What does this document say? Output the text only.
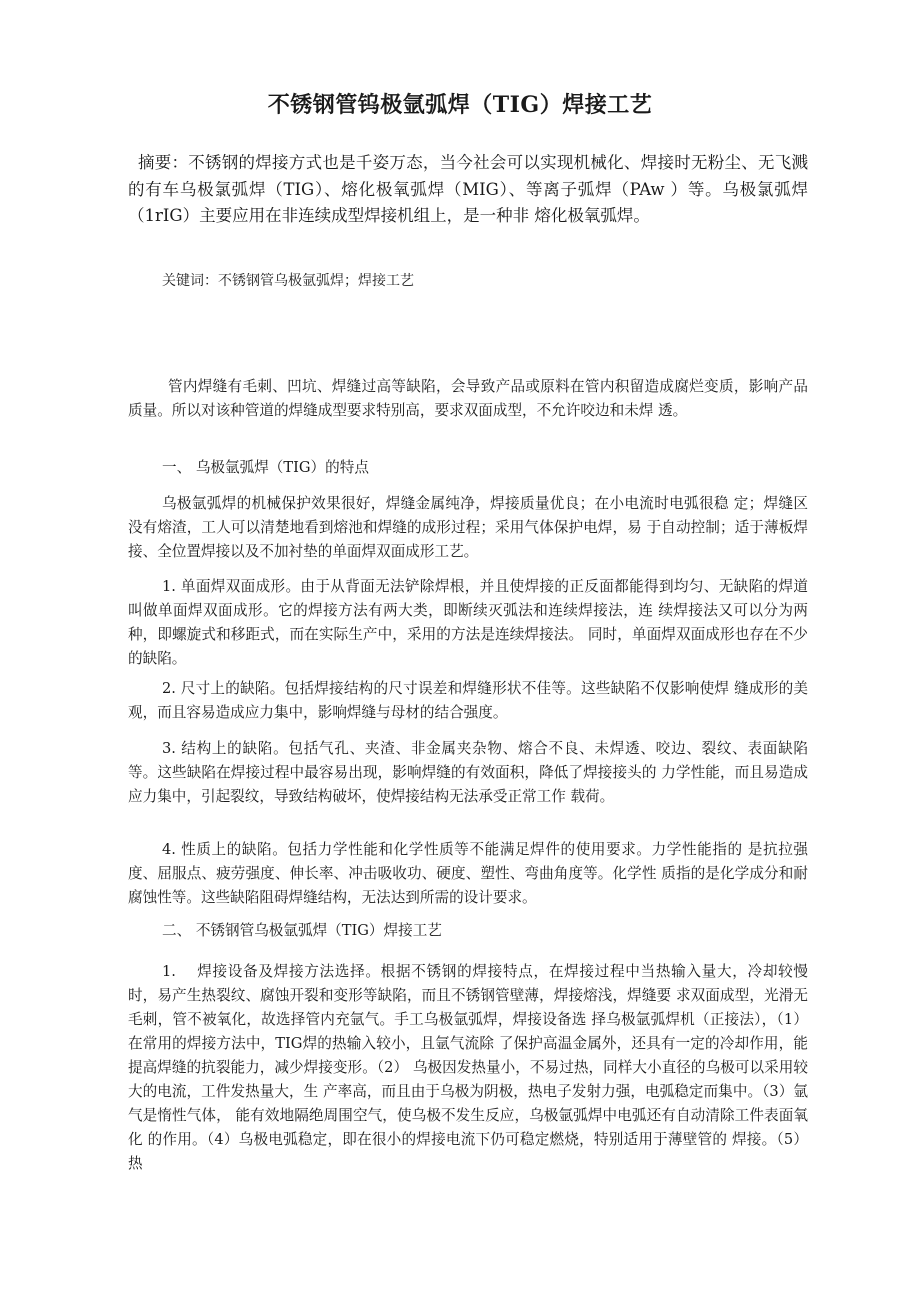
不锈钢管钨极氩弧焊（TIG）焊接工艺
摘要：不锈钢的焊接方式也是千姿万态，当今社会可以实现机械化、焊接时无粉尘、无飞溅的有车乌极氯弧焊（TIG）、熔化极氧弧焊（MIG）、等离子弧焊（PAw ）等。乌极氯弧焊（1rIG）主要应用在非连续成型焊接机组上，是一种非 熔化极氧弧焊。
关键词：不锈钢管乌极氩弧焊；焊接工艺
管内焊缝有毛刺、凹坑、焊缝过高等缺陷，会导致产品或原料在管内积留造成腐烂变质，影响产品质量。所以对该种管道的焊缝成型要求特别高，要求双面成型，不允许咬边和未焊 透。
一、 乌极氩弧焊（TIG）的特点
乌极氩弧焊的机械保护效果很好，焊缝金属纯净，焊接质量优良；在小电流时电弧很稳 定；焊缝区没有熔渣，工人可以清楚地看到熔池和焊缝的成形过程；采用气体保护电焊，易 于自动控制；适于薄板焊接、全位置焊接以及不加衬垫的单面焊双面成形工艺。
1. 单面焊双面成形。由于从背面无法铲除焊根，并且使焊接的正反面都能得到均匀、无缺陷的焊道叫做单面焊双面成形。它的焊接方法有两大类，即断续灭弧法和连续焊接法，连 续焊接法又可以分为两种，即螺旋式和移距式，而在实际生产中，采用的方法是连续焊接法。 同时，单面焊双面成形也存在不少的缺陷。
2. 尺寸上的缺陷。包括焊接结构的尺寸误差和焊缝形状不佳等。这些缺陷不仅影响使焊 缝成形的美观，而且容易造成应力集中，影响焊缝与母材的结合强度。
3. 结构上的缺陷。包括气孔、夹渣、非金属夹杂物、熔合不良、未焊透、咬边、裂纹、表面缺陷等。这些缺陷在焊接过程中最容易出现，影响焊缝的有效面积，降低了焊接接头的 力学性能，而且易造成应力集中，引起裂纹，导致结构破坏，使焊接结构无法承受正常工作 载荷。
4. 性质上的缺陷。包括力学性能和化学性质等不能满足焊件的使用要求。力学性能指的 是抗拉强度、屈服点、疲劳强度、伸长率、冲击吸收功、硬度、塑性、弯曲角度等。化学性 质指的是化学成分和耐腐蚀性等。这些缺陷阻碍焊缝结构，无法达到所需的设计要求。
二、 不锈钢管乌极氩弧焊（TIG）焊接工艺
1.　 焊接设备及焊接方法选择。根据不锈钢的焊接特点，在焊接过程中当热输入量大，冷却较慢时，易产生热裂纹、腐蚀开裂和变形等缺陷，而且不锈钢管壁薄，焊接熔浅，焊缝要 求双面成型，光滑无毛刺，管不被氧化，故选择管内充氩气。手工乌极氩弧焊，焊接设备选 择乌极氩弧焊机（正接法），（1）在常用的焊接方法中，TIG焊的热输入较小，且氩气流除 了保护高温金属外，还具有一定的冷却作用，能提高焊缝的抗裂能力，减少焊接变形。（2） 乌极因发热量小，不易过热，同样大小直径的乌极可以采用较大的电流，工件发热量大，生 产率高，而且由于乌极为阴极，热电子发射力强，电弧稳定而集中。（3）氩气是惰性气体， 能有效地隔绝周围空气，使乌极不发生反应，乌极氩弧焊中电弧还有自动清除工件表面氧化 的作用。（4）乌极电弧稳定，即在很小的焊接电流下仍可稳定燃烧，特别适用于薄壁管的 焊接。（5）热
